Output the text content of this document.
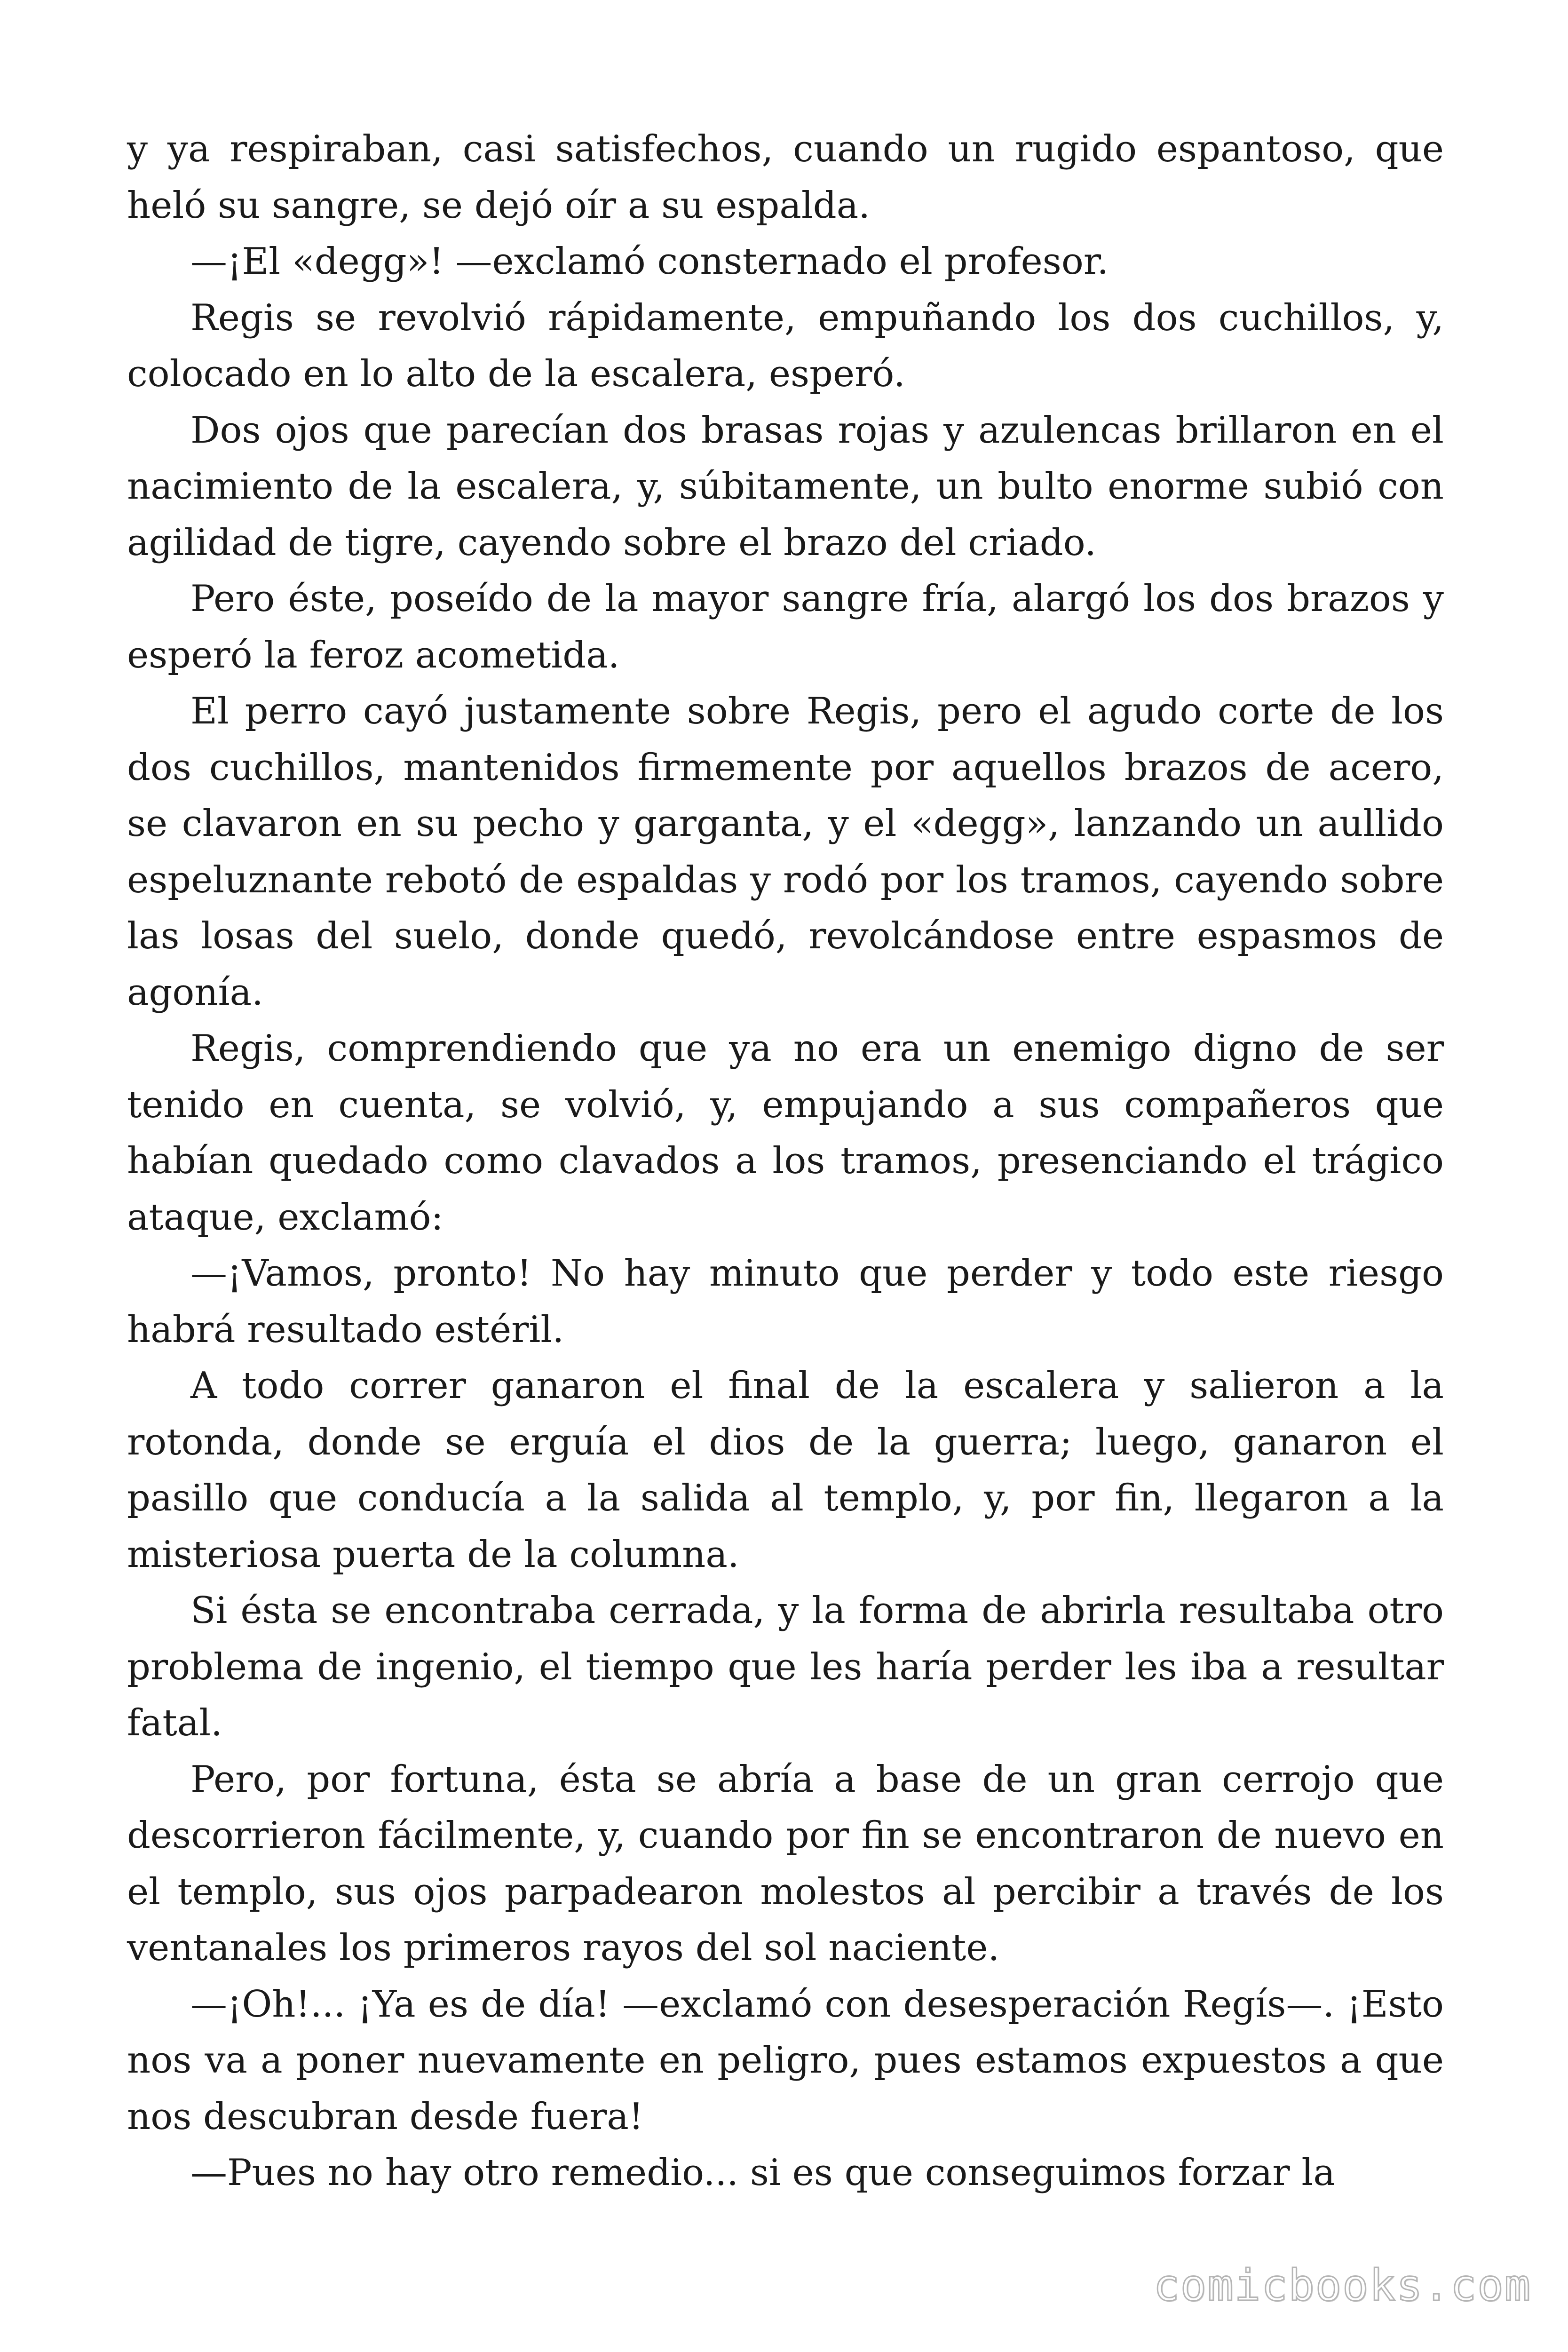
y ya respiraban, casi satisfechos, cuando un rugido espantoso, que heló su sangre, se dejó oír a su espalda.

—¡El «degg»! —exclamó consternado el profesor.

Regis se revolvió rápidamente, empuñando los dos cuchillos, y, colocado en lo alto de la escalera, esperó.

Dos ojos que parecían dos brasas rojas y azulencas brillaron en el nacimiento de la escalera, y, súbitamente, un bulto enorme subió con agilidad de tigre, cayendo sobre el brazo del criado.

Pero éste, poseído de la mayor sangre fría, alargó los dos brazos y esperó la feroz acometida.

El perro cayó justamente sobre Regis, pero el agudo corte de los dos cuchillos, mantenidos firmemente por aquellos brazos de acero, se clavaron en su pecho y garganta, y el «degg», lanzando un aullido espeluznante rebotó de espaldas y rodó por los tramos, cayendo sobre las losas del suelo, donde quedó, revolcándose entre espasmos de agonía.

Regis, comprendiendo que ya no era un enemigo digno de ser tenido en cuenta, se volvió, y, empujando a sus compañeros que habían quedado como clavados a los tramos, presenciando el trágico ataque, exclamó:

—¡Vamos, pronto! No hay minuto que perder y todo este riesgo habrá resultado estéril.

A todo correr ganaron el final de la escalera y salieron a la rotonda, donde se erguía el dios de la guerra; luego, ganaron el pasillo que conducía a la salida al templo, y, por fin, llegaron a la misteriosa puerta de la columna.

Si ésta se encontraba cerrada, y la forma de abrirla resultaba otro problema de ingenio, el tiempo que les haría perder les iba a resultar fatal.

Pero, por fortuna, ésta se abría a base de un gran cerrojo que descorrieron fácilmente, y, cuando por fin se encontraron de nuevo en el templo, sus ojos parpadearon molestos al percibir a través de los ventanales los primeros rayos del sol naciente.

—¡Oh!... ¡Ya es de día! —exclamó con desesperación Regís—. ¡Esto nos va a poner nuevamente en peligro, pues estamos expuestos a que nos descubran desde fuera!

—Pues no hay otro remedio... si es que conseguimos forzar la

comicbooks.com
